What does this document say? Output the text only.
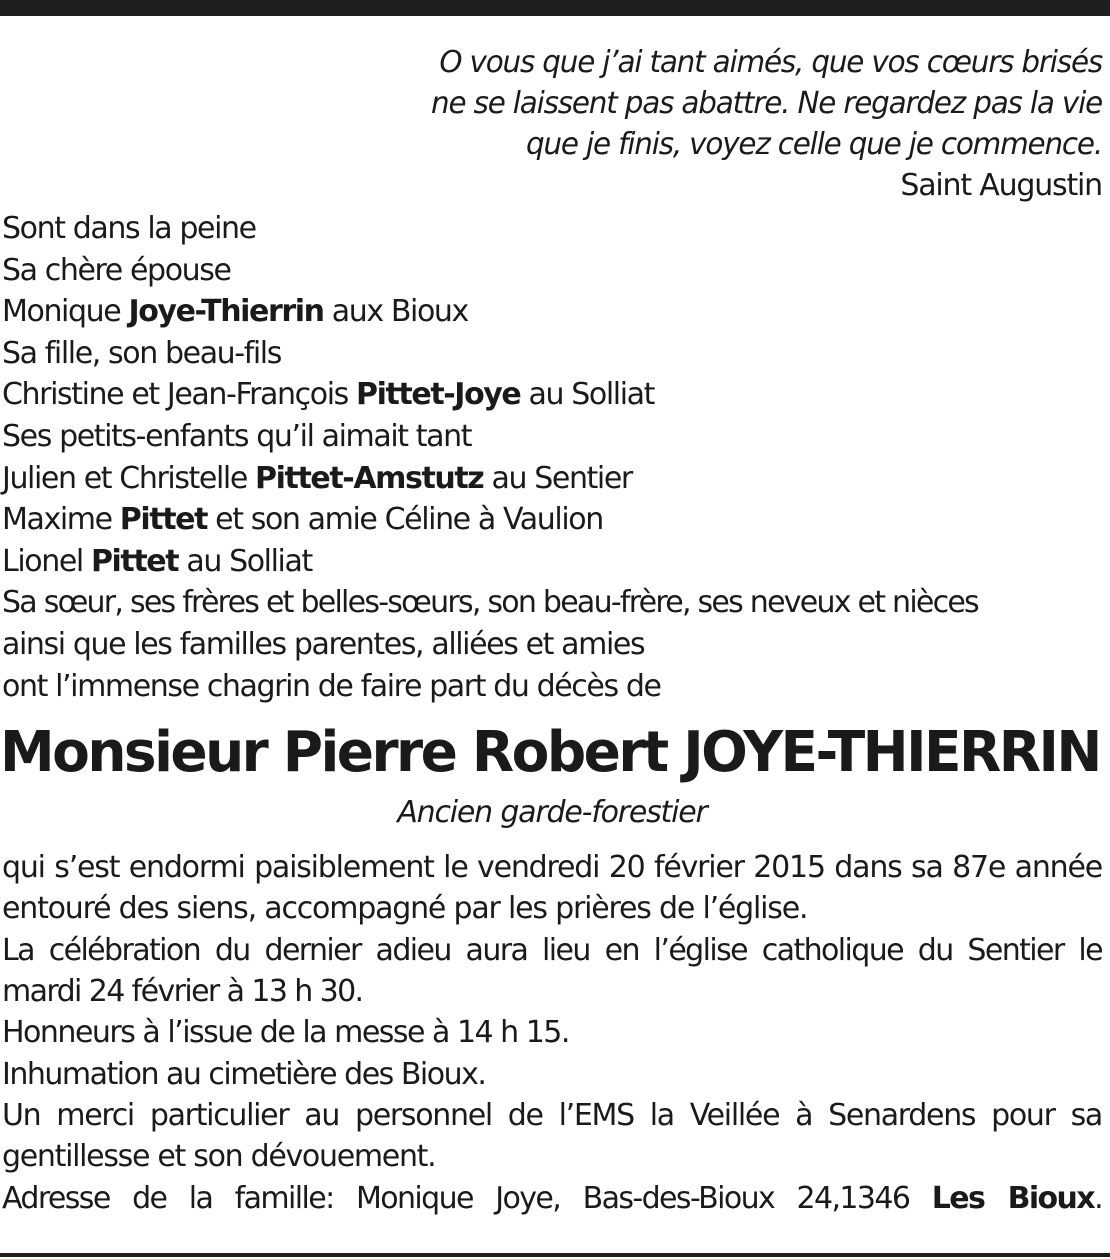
O vous que j’ai tant aimés, que vos cœurs brisés
ne se laissent pas abattre. Ne regardez pas la vie
que je finis, voyez celle que je commence.
Saint Augustin
Sont dans la peine
Sa chère épouse
Monique Joye-Thierrin aux Bioux
Sa fille, son beau-fils
Christine et Jean-François Pittet-Joye au Solliat
Ses petits-enfants qu’il aimait tant
Julien et Christelle Pittet-Amstutz au Sentier
Maxime Pittet et son amie Céline à Vaulion
Lionel Pittet au Solliat
Sa sœur, ses frères et belles-sœurs, son beau-frère, ses neveux et nièces
ainsi que les familles parentes, alliées et amies
ont l’immense chagrin de faire part du décès de
Monsieur Pierre Robert JOYE-THIERRIN
Ancien garde-forestier

qui s’est endormi paisiblement le vendredi 20 février 2015 dans sa 87e année entouré des siens, accompagné par les prières de l’église.

La célébration du dernier adieu aura lieu en l’église catholique du Sentier le mardi 24 février à 13 h 30.

Honneurs à l’issue de la messe à 14 h 15.

Inhumation au cimetière des Bioux.

Un merci particulier au personnel de l’EMS la Veillée à Senardens pour sa gentillesse et son dévouement.

Adresse de la famille: Monique Joye, Bas-des-Bioux 24,1346 Les Bioux.
